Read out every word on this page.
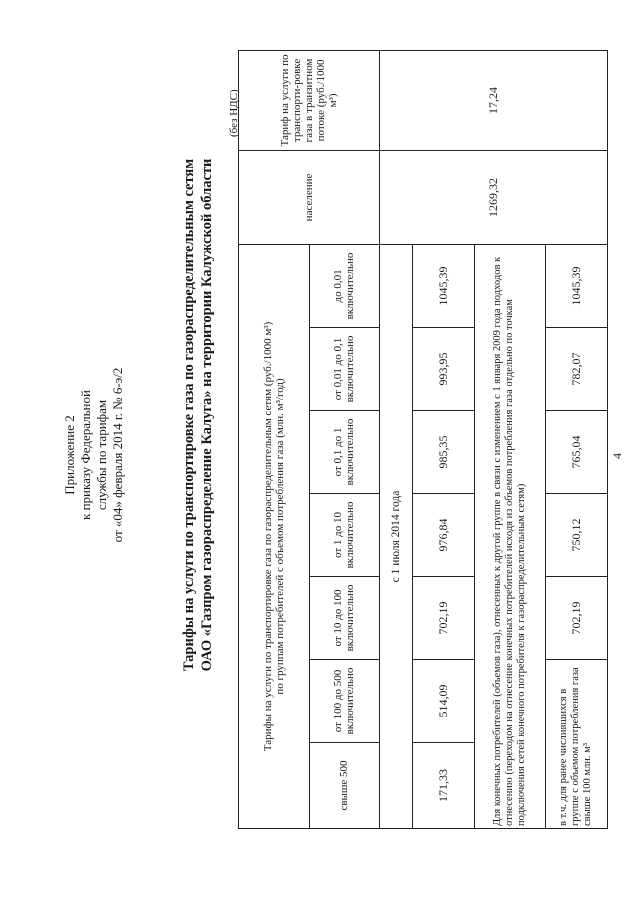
Приложение 2 к приказу Федеральной службы по тарифам от «04» февраля 2014 г. № 6-э/2	Тарифы на услуги по транспортировке газа по газораспределительным сетям ОАО «Газпром газораспределение Калуга» на территории Калужской области
(без НДС)
Тарифы на услуги по транспортировке газа по газораспределительным сетям (руб./1000 м³) по группам потребителей с объемом потребления газа (млн. м³/год)							население	Тариф на услуги по транспорти-ровке газа в транзитном потоке (руб./1000 м³)
свыше 500	от 100 до 500 включительно	от 10 до 100 включительно	от 1 до 10 включительно	от 0,1 до 1 включительно	от 0,01 до 0,1 включительно	до 0,01 включительно		
с 1 июля 2014 года							1269,32	17,24
171,33	514,09	702,19	976,84	985,35	993,95	1045,39		
Для конечных потребителей (объемов газа), отнесенных к другой группе в связи с изменением с 1 января 2009 года подходов к отнесению (переходом на отнесение конечных потребителей исходя из объемов потребления газа отдельно по точкам подключения сетей конечного потребителя к газораспределительным сетям)								
в т.ч. для ранее числившихся в группе с объемом потребления газа свыше 100 млн. м³		702,19	750,12	765,04	782,07	1045,39		
4
